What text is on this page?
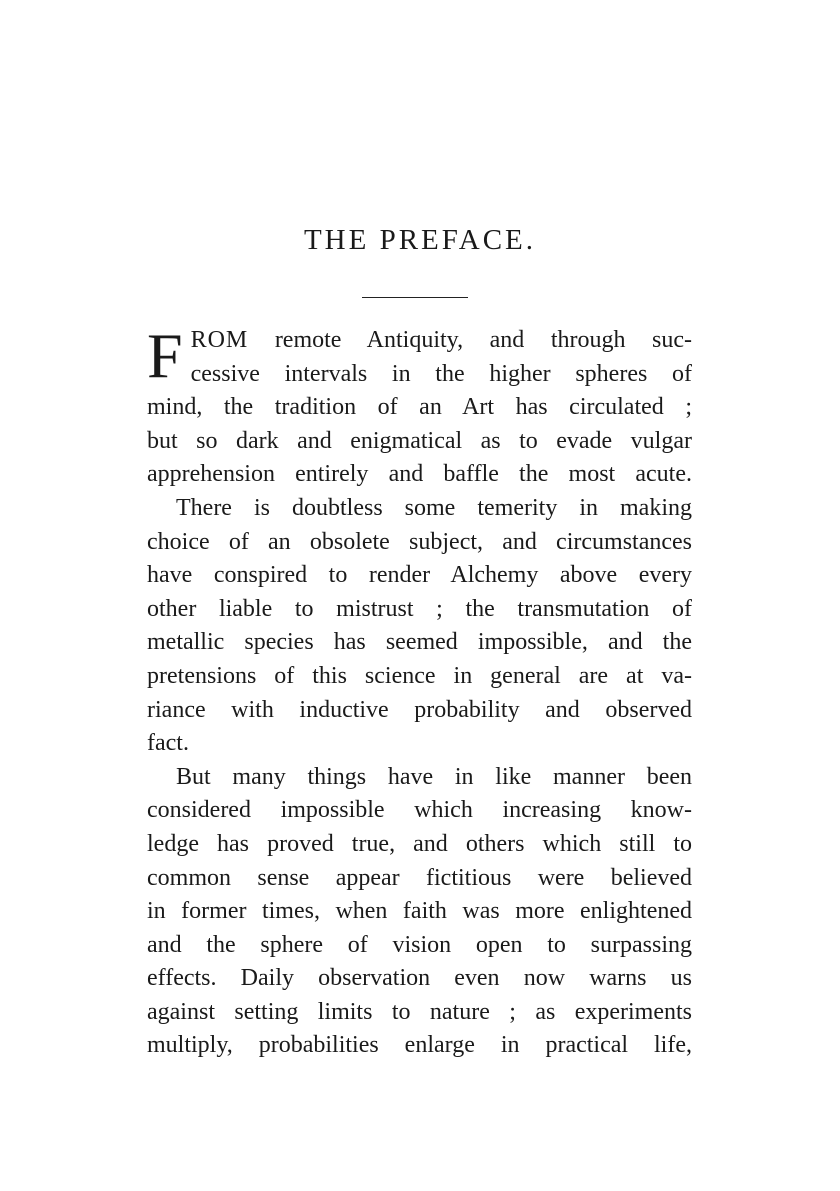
THE PREFACE.
F ROM remote Antiquity, and through suc-

cessive intervals in the higher spheres of

mind, the tradition of an Art has circulated ;

but so dark and enigmatical as to evade vulgar

apprehension entirely and baffle the most acute.

There is doubtless some temerity in making

choice of an obsolete subject, and circumstances

have conspired to render Alchemy above every

other liable to mistrust ; the transmutation of

metallic species has seemed impossible, and the

pretensions of this science in general are at va-

riance with inductive probability and observed

fact.

But many things have in like manner been

considered impossible which increasing know-

ledge has proved true, and others which still to

common sense appear fictitious were believed

in former times, when faith was more enlightened

and the sphere of vision open to surpassing

effects. Daily observation even now warns us

against setting limits to nature ; as experiments

multiply, probabilities enlarge in practical life,
